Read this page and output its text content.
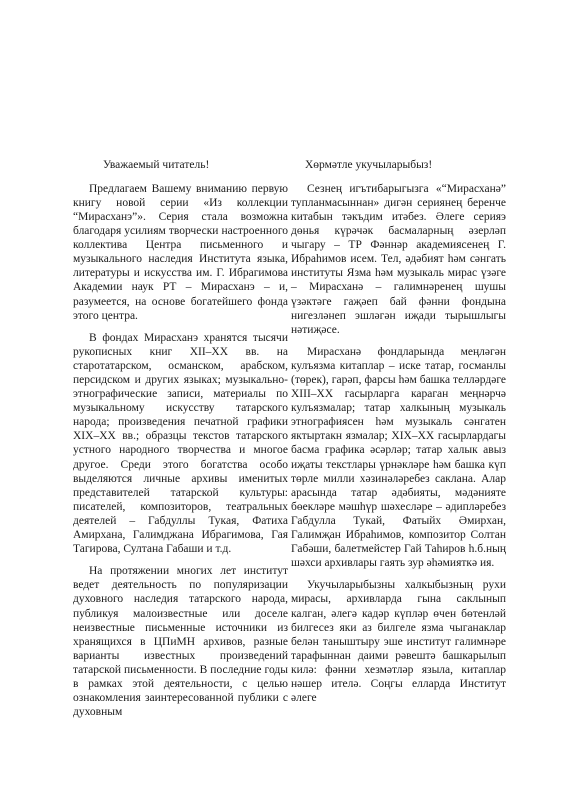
Уважаемый читатель!

Предлагаем Вашему вниманию первую книгу новой серии «Из коллекции “Мирасханэ”». Серия стала возможна благодаря усилиям творчески настроенного коллектива Центра письменного и музыкального наследия Института языка, литературы и искусства им. Г. Ибрагимова Академии наук РТ – Мирасханэ – и, разумеется, на основе богатейшего фонда этого центра.

В фондах Мирасханэ хранятся тысячи рукописных книг XII–XX вв. на старотатарском, османском, арабском, персидском и других языках; музыкально-этнографические записи, материалы по музыкальному искусству татарского народа; произведения печатной графики XIX–XX вв.; образцы текстов татарского устного народного творчества и многое другое. Среди этого богатства особо выделяются личные архивы именитых представителей татарской культуры: писателей, композиторов, театральных деятелей – Габдуллы Тукая, Фатиха Амирхана, Галимджана Ибрагимова, Гая Тагирова, Султана Габаши и т.д.

На протяжении многих лет институт ведет деятельность по популяризации духовного наследия татарского народа, публикуя малоизвестные или доселе неизвестные письменные источники из хранящихся в ЦПиМН архивов, разные варианты известных произведений татарской письменности. В последние годы в рамках этой деятельности, с целью ознакомления заинтересованной публики с духовным

Хөрмәтле укучыларыбыз!

Сезнең игътибарыгызга «“Мирасханә” тупланмасыннан» дигән сериянең беренче китабын тәкъдим итәбез. Әлеге серияэ дөнья күрәчәк басмаларның әзерләп чыгару – ТР Фәннәр академиясенең Г. Ибраһимов исем. Тел, әдәбият һәм сәнгать институты Язма һәм музыкаль мирас үзәге – Мирасханә – галимнәренең шушы үзәктәге гаҗәеп бай фәнни фондына нигезләнеп эшләгән иҗади тырышлыгы нәтиҗәсе.

Мирасханә фондларында меңләгән кулъязма китаплар – иске татар, госманлы (төрек), гарәп, фарсы һәм башка телләрдәге XIII–XX гасырларга караган меңнәрчә кулъязмалар; татар халкының музыкаль этнографиясен һәм музыкаль сәнгатен яктыртакн язмалар; XIX–XX гасырлардагы басма графика әсәрләр; татар халык авыз иҗаты текстлары үрнәкләре һәм башка күп төрле милли хәзинәләребез саклана. Алар арасында татар әдәбияты, мәдәнияте бөекләре мәшһүр шәхесләре – әдипләребез Габдулла Тукай, Фатыйх Әмирхан, Галимҗан Ибраһимов, композитор Солтан Габәши, балетмейстер Гай Таһиров һ.б.ның шәхси архивлары гаять зур әһәмияткә ия.

Укучыларыбызны халкыбызның рухи мирасы, архивларда гына саклынып калган, әлегә кадәр күпләр өчен бөтенләй билгесез яки аз билгеле язма чыганаклар белән таныштыру эше институт галимнәре тарафыннан даими рәвештә башкарылып килә: фәнни хезмәтләр языла, китаплар нәшер ителә. Соңгы елларда Институт әлеге
